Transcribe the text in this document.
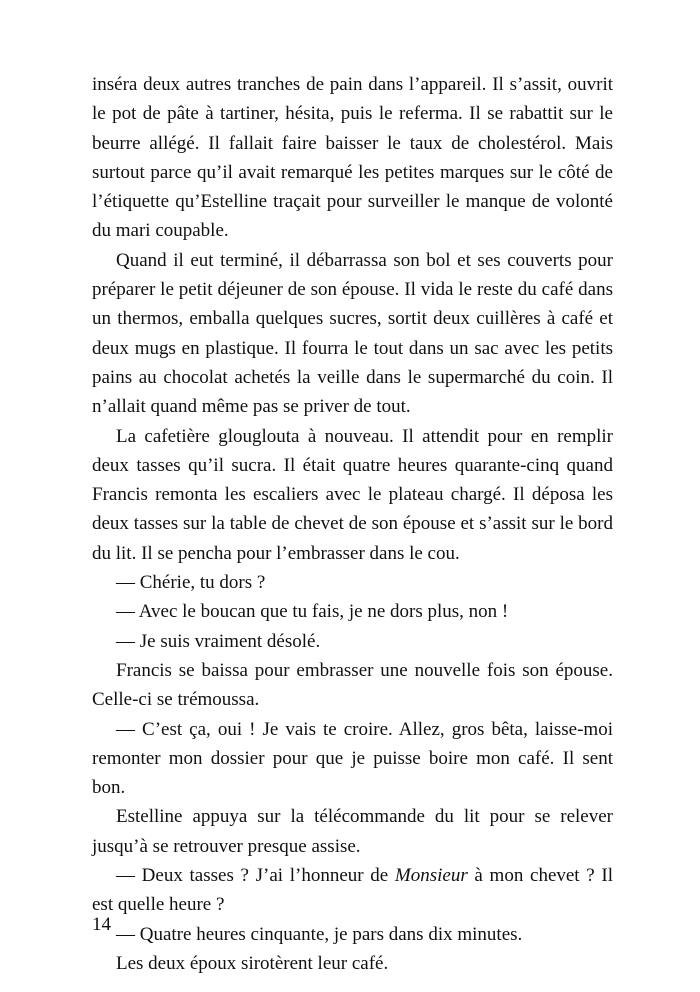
inséra deux autres tranches de pain dans l’appareil. Il s’assit, ouvrit le pot de pâte à tartiner, hésita, puis le referma. Il se rabattit sur le beurre allégé. Il fallait faire baisser le taux de cholestérol. Mais surtout parce qu’il avait remarqué les petites marques sur le côté de l’étiquette qu’Estelline traçait pour surveiller le manque de volonté du mari coupable.

Quand il eut terminé, il débarrassa son bol et ses couverts pour préparer le petit déjeuner de son épouse. Il vida le reste du café dans un thermos, emballa quelques sucres, sortit deux cuillères à café et deux mugs en plastique. Il fourra le tout dans un sac avec les petits pains au chocolat achetés la veille dans le supermarché du coin. Il n’allait quand même pas se priver de tout.

La cafetière glouglouta à nouveau. Il attendit pour en remplir deux tasses qu’il sucra. Il était quatre heures quarante-cinq quand Francis remonta les escaliers avec le plateau chargé. Il déposa les deux tasses sur la table de chevet de son épouse et s’assit sur le bord du lit. Il se pencha pour l’embrasser dans le cou.

— Chérie, tu dors ?

— Avec le boucan que tu fais, je ne dors plus, non !

— Je suis vraiment désolé.

Francis se baissa pour embrasser une nouvelle fois son épouse. Celle-ci se trémoussa.

— C’est ça, oui ! Je vais te croire. Allez, gros bêta, laisse-moi remonter mon dossier pour que je puisse boire mon café. Il sent bon.

Estelline appuya sur la télécommande du lit pour se relever jusqu’à se retrouver presque assise.

— Deux tasses ? J’ai l’honneur de Monsieur à mon chevet ? Il est quelle heure ?

— Quatre heures cinquante, je pars dans dix minutes.

Les deux époux sirotèrent leur café.

14
